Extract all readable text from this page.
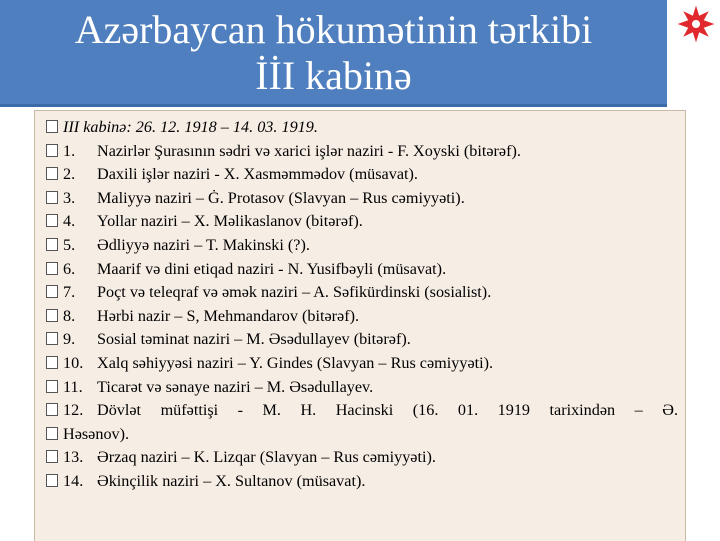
Azərbaycan hökumətinin tərkibi
İİI kabinə
III kabinə: 26. 12. 1918 – 14. 03. 1919.
1. Nazirlər Şurasının sədri və xarici işlər naziri - F. Xoyski (bitərəf).
2. Daxili işlər naziri - X. Xasməmmədov (müsavat).
3. Maliyyə naziri – Ġ. Protasov (Slavyan – Rus cəmiyyəti).
4. Yollar naziri – X. Məlikaslanov (bitərəf).
5. Ədliyyə naziri – T. Makinski (?).
6. Maarif və dini etiqad naziri - N. Yusifbəyli (müsavat).
7. Poçt və teleqraf və əmək naziri – A. Səfikürdinski (sosialist).
8. Hərbi nazir – S, Mehmandarov (bitərəf).
9. Sosial təminat naziri – M. Əsədullayev (bitərəf).
10. Xalq səhiyyəsi naziri – Y. Gindes (Slavyan – Rus cəmiyyəti).
11. Ticarət və sənaye naziri – M. Əsədullayev.
12. Dövlət müfəttişi - M. H. Hacinski (16. 01. 1919 tarixindən – Ə.
Həsənov).
13. Ərzaq naziri – K. Lizqar (Slavyan – Rus cəmiyyəti).
14. Əkinçilik naziri – X. Sultanov (müsavat).
